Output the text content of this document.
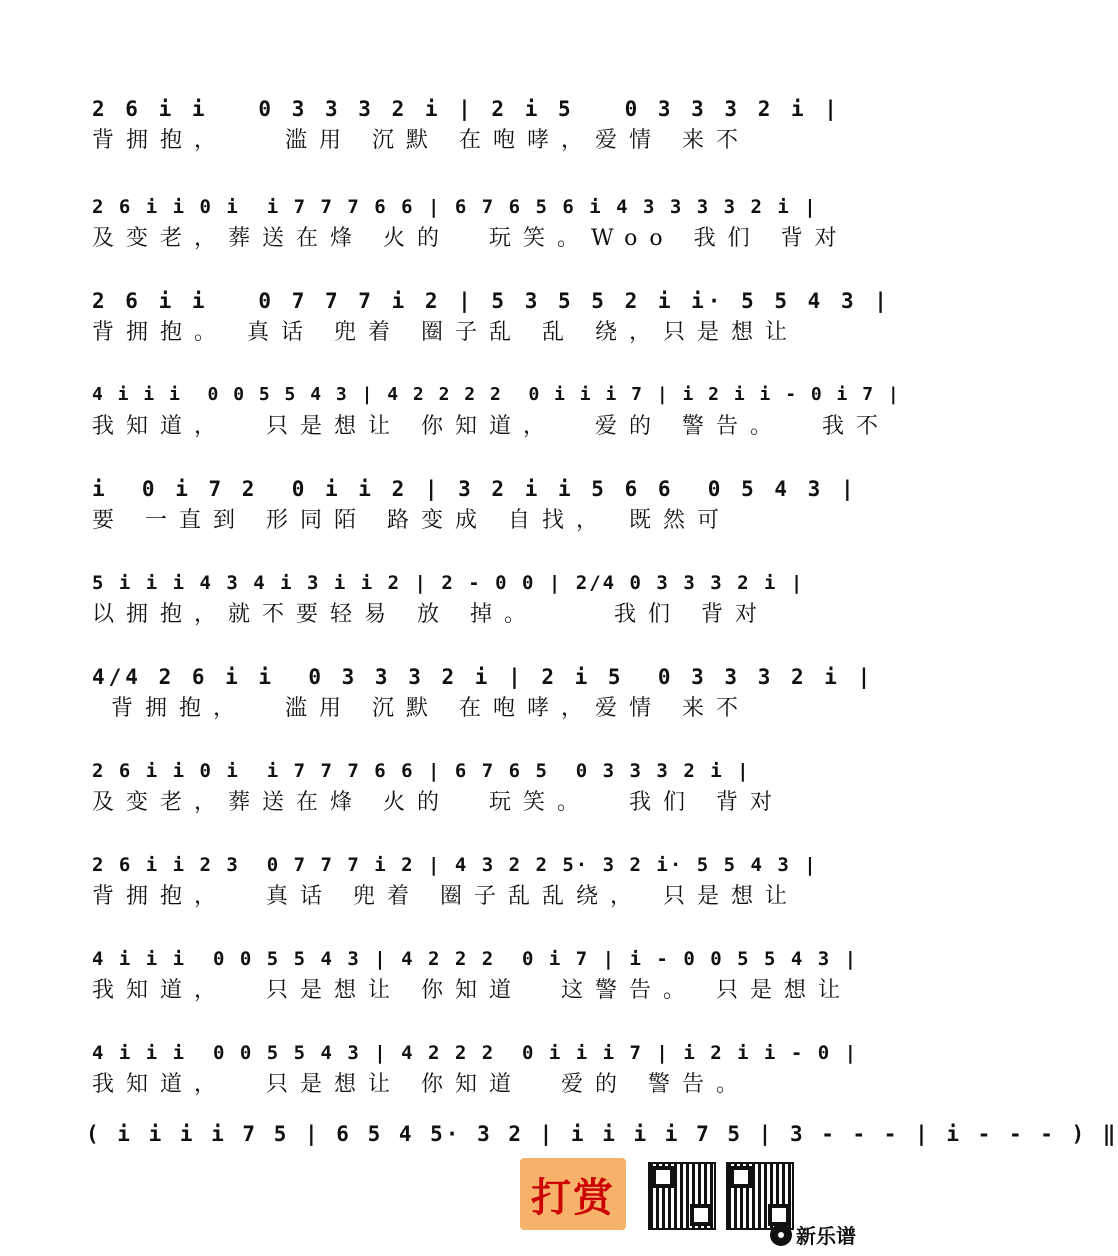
2 6 i i   0 3 3 3 2 i | 2 i 5   0 3 3 3 2 i |
背拥抱，   滥用 沉默 在咆哮，爱情 来不
2 6 i i 0 i  i 7 7 7 6 6 | 6 7 6 5 6 i 4 3 3 3 3 2 i |
及变老，葬送在烽 火的  玩笑。Woo 我们 背对
2 6 i i   0 7 7 7 i 2 | 5 3 5 5 2 i i· 5 5 4 3 |
背拥抱。 真话 兜着 圈子乱 乱 绕，只是想让
4 i i i  0 0 5 5 4 3 | 4 2 2 2 2  0 i i i 7 | i 2 i i - 0 i 7 |
我知道，  只是想让 你知道，  爱的 警告。  我不
i  0 i 7 2  0 i i 2 | 3 2 i i 5 6 6  0 5 4 3 |
要 一直到 形同陌 路变成 自找， 既然可
5 i i i 4 3 4 i 3 i i 2 | 2 - 0 0 | 2/4 0 3 3 3 2 i |
以拥抱，就不要轻易 放 掉。    我们 背对
4/4 2 6 i i  0 3 3 3 2 i | 2 i 5  0 3 3 3 2 i |
背拥抱，  滥用 沉默 在咆哮，爱情 来不
2 6 i i 0 i  i 7 7 7 6 6 | 6 7 6 5  0 3 3 3 2 i |
及变老，葬送在烽 火的  玩笑。  我们 背对
2 6 i i 2 3  0 7 7 7 i 2 | 4 3 2 2 5· 3 2 i· 5 5 4 3 |
背拥抱，  真话 兜着 圈子乱乱绕， 只是想让
4 i i i  0 0 5 5 4 3 | 4 2 2 2  0 i 7 | i - 0 0 5 5 4 3 |
我知道，  只是想让 你知道  这警告。 只是想让
4 i i i  0 0 5 5 4 3 | 4 2 2 2  0 i i i 7 | i 2 i i - 0 |
我知道，  只是想让 你知道  爱的 警告。
( i i i i 7 5 | 6 5 4 5· 3 2 | i i i i 7 5 | 3 - - - | i - - - ) ‖
打赏
新乐谱
